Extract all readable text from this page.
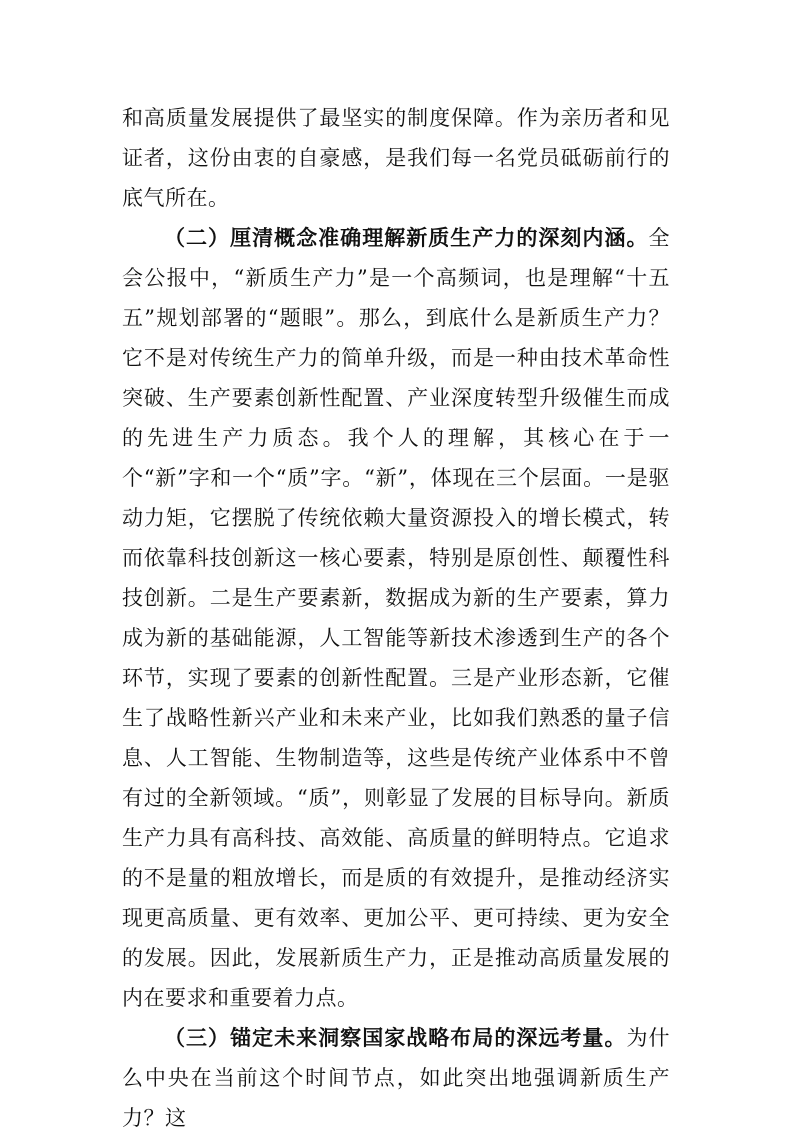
和高质量发展提供了最坚实的制度保障。作为亲历者和见证者，这份由衷的自豪感，是我们每一名党员砥砺前行的底气所在。

（二）厘清概念准确理解新质生产力的深刻内涵。全会公报中，“新质生产力”是一个高频词，也是理解“十五五”规划部署的“题眼”。那么，到底什么是新质生产力？它不是对传统生产力的简单升级，而是一种由技术革命性突破、生产要素创新性配置、产业深度转型升级催生而成的先进生产力质态。我个人的理解，其核心在于一个“新”字和一个“质”字。“新”，体现在三个层面。一是驱动力矩，它摆脱了传统依赖大量资源投入的增长模式，转而依靠科技创新这一核心要素，特别是原创性、颠覆性科技创新。二是生产要素新，数据成为新的生产要素，算力成为新的基础能源，人工智能等新技术渗透到生产的各个环节，实现了要素的创新性配置。三是产业形态新，它催生了战略性新兴产业和未来产业，比如我们熟悉的量子信息、人工智能、生物制造等，这些是传统产业体系中不曾有过的全新领域。“质”，则彰显了发展的目标导向。新质生产力具有高科技、高效能、高质量的鲜明特点。它追求的不是量的粗放增长，而是质的有效提升，是推动经济实现更高质量、更有效率、更加公平、更可持续、更为安全的发展。因此，发展新质生产力，正是推动高质量发展的内在要求和重要着力点。

（三）锚定未来洞察国家战略布局的深远考量。为什么中央在当前这个时间节点，如此突出地强调新质生产力？这
